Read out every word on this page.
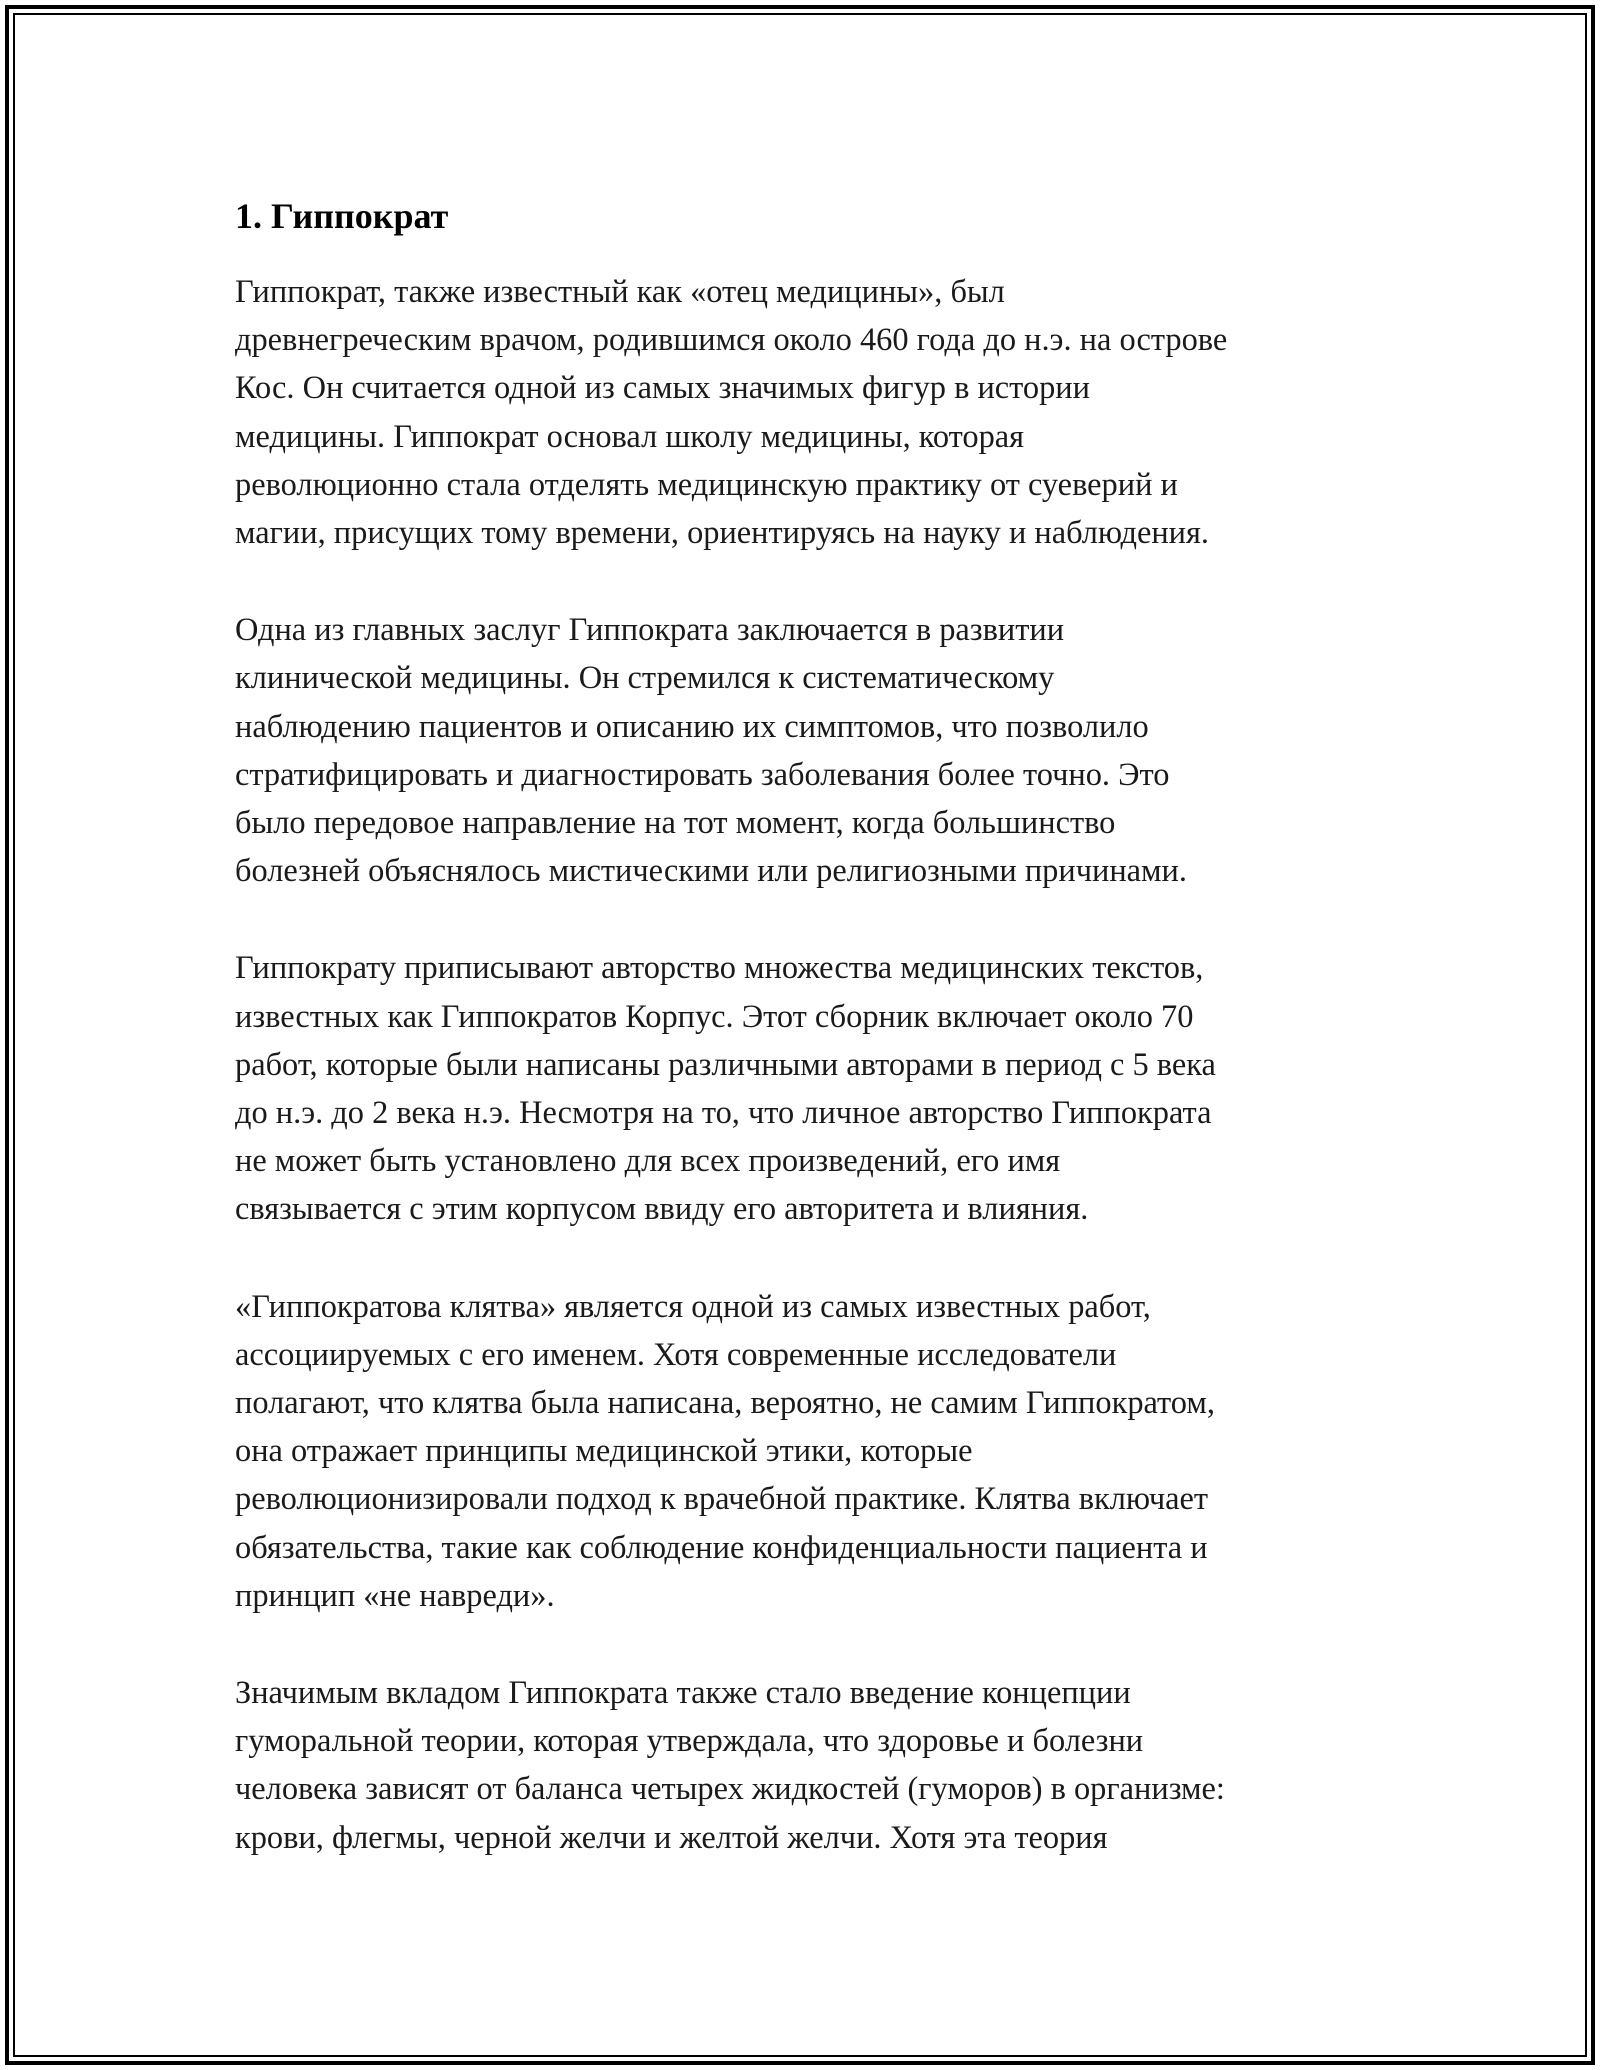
1. Гиппократ

Гиппократ, также известный как «отец медицины», был
древнегреческим врачом, родившимся около 460 года до н.э. на острове
Кос. Он считается одной из самых значимых фигур в истории
медицины. Гиппократ основал школу медицины, которая
революционно стала отделять медицинскую практику от суеверий и
магии, присущих тому времени, ориентируясь на науку и наблюдения.

Одна из главных заслуг Гиппократа заключается в развитии
клинической медицины. Он стремился к систематическому
наблюдению пациентов и описанию их симптомов, что позволило
стратифицировать и диагностировать заболевания более точно. Это
было передовое направление на тот момент, когда большинство
болезней объяснялось мистическими или религиозными причинами.

Гиппократу приписывают авторство множества медицинских текстов,
известных как Гиппократов Корпус. Этот сборник включает около 70
работ, которые были написаны различными авторами в период с 5 века
до н.э. до 2 века н.э. Несмотря на то, что личное авторство Гиппократа
не может быть установлено для всех произведений, его имя
связывается с этим корпусом ввиду его авторитета и влияния.

«Гиппократова клятва» является одной из самых известных работ,
ассоциируемых с его именем. Хотя современные исследователи
полагают, что клятва была написана, вероятно, не самим Гиппократом,
она отражает принципы медицинской этики, которые
революционизировали подход к врачебной практике. Клятва включает
обязательства, такие как соблюдение конфиденциальности пациента и
принцип «не навреди».

Значимым вкладом Гиппократа также стало введение концепции
гуморальной теории, которая утверждала, что здоровье и болезни
человека зависят от баланса четырех жидкостей (гуморов) в организме:
крови, флегмы, черной желчи и желтой желчи. Хотя эта теория
